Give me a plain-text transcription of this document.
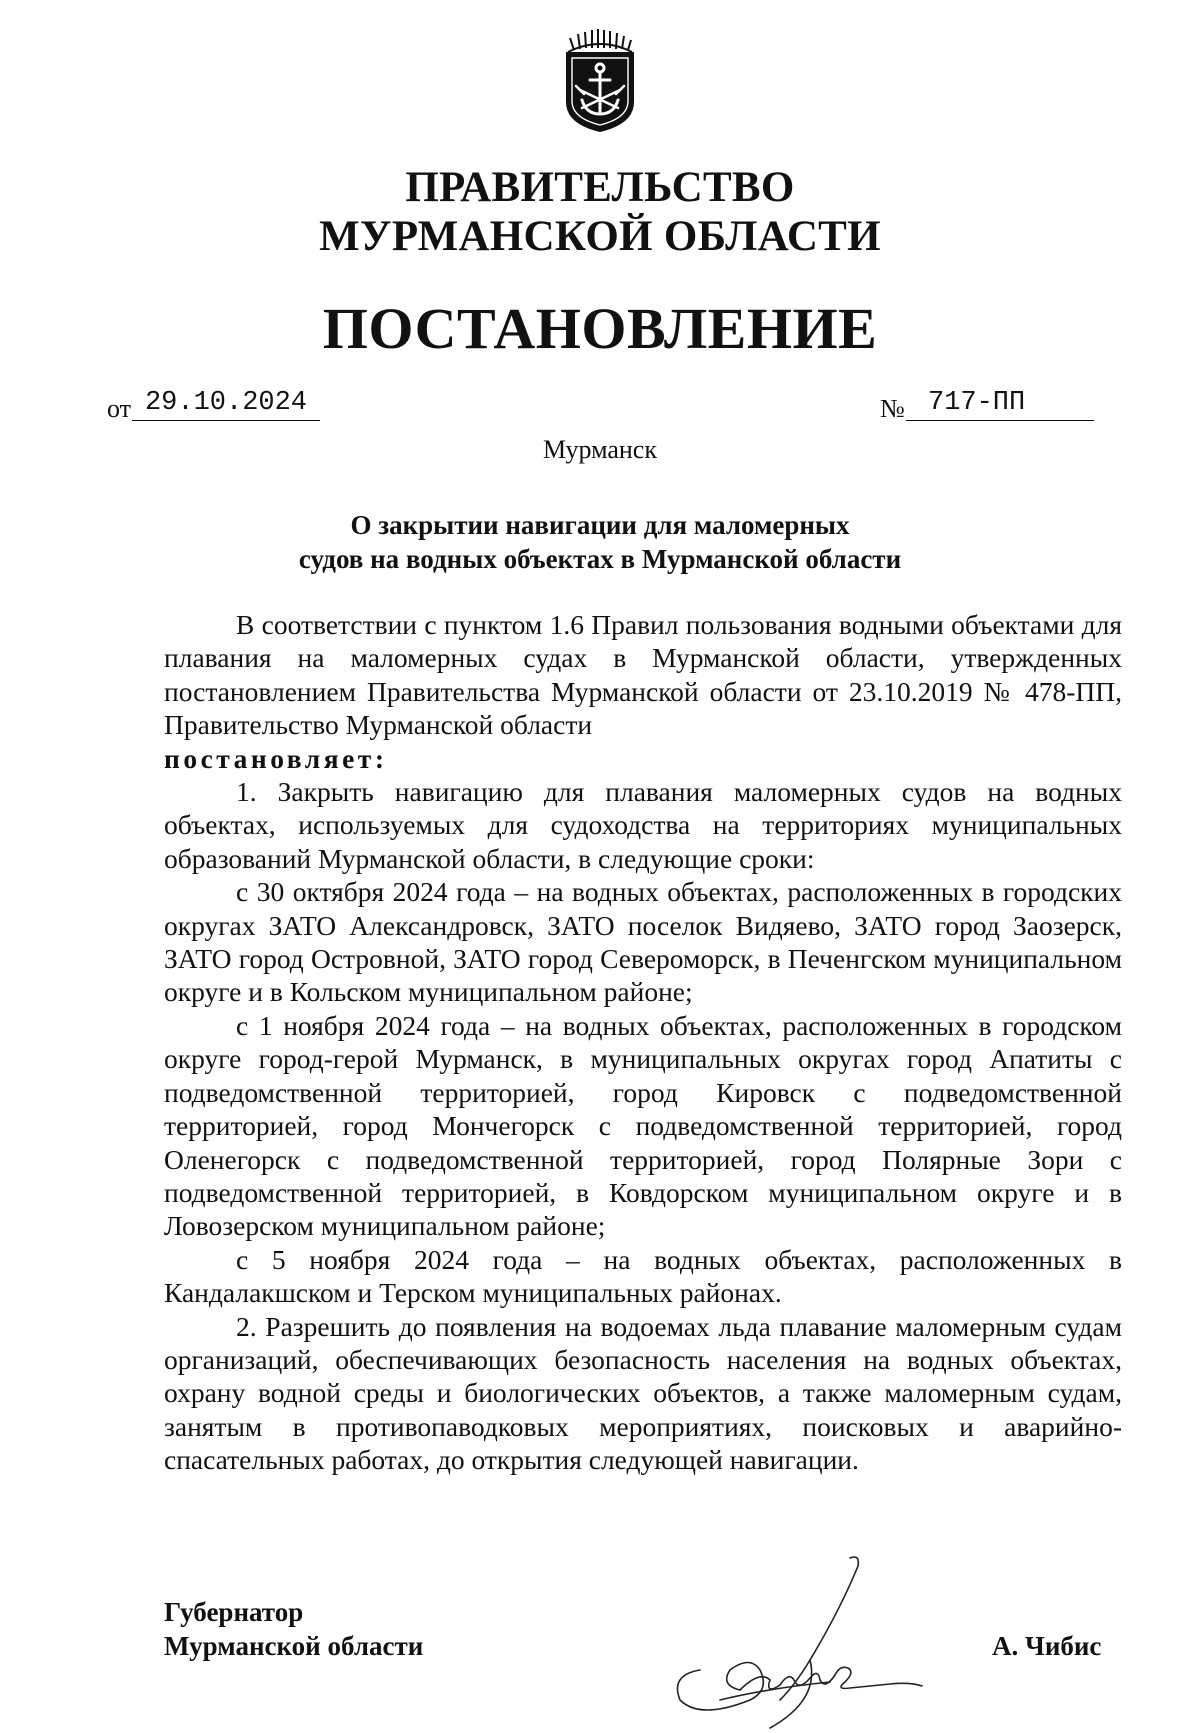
ПРАВИТЕЛЬСТВО
МУРМАНСКОЙ ОБЛАСТИ
ПОСТАНОВЛЕНИЕ
от 29.10.2024	№ 717-ПП
Мурманск
О закрытии навигации для маломерных
судов на водных объектах в Мурманской области

В соответствии с пунктом 1.6 Правил пользования водными объектами для плавания на маломерных судах в Мурманской области, утвержденных постановлением Правительства Мурманской области от 23.10.2019 № 478-ПП, Правительство Мурманской области
постановляет:

1. Закрыть навигацию для плавания маломерных судов на водных объектах, используемых для судоходства на территориях муниципальных образований Мурманской области, в следующие сроки:

с 30 октября 2024 года – на водных объектах, расположенных в городских округах ЗАТО Александровск, ЗАТО поселок Видяево, ЗАТО город Заозерск, ЗАТО город Островной, ЗАТО город Североморск, в Печенгском муниципальном округе и в Кольском муниципальном районе;

с 1 ноября 2024 года – на водных объектах, расположенных в городском округе город-герой Мурманск, в муниципальных округах город Апатиты с подведомственной территорией, город Кировск с подведомственной территорией, город Мончегорск с подведомственной территорией, город Оленегорск с подведомственной территорией, город Полярные Зори с подведомственной территорией, в Ковдорском муниципальном округе и в Ловозерском муниципальном районе;

с 5 ноября 2024 года – на водных объектах, расположенных в Кандалакшском и Терском муниципальных районах.

2. Разрешить до появления на водоемах льда плавание маломерным судам организаций, обеспечивающих безопасность населения на водных объектах, охрану водной среды и биологических объектов, а также маломерным судам, занятым в противопаводковых мероприятиях, поисковых и аварийно-спасательных работах, до открытия следующей навигации.

Губернатор
Мурманской области	А. Чибис
